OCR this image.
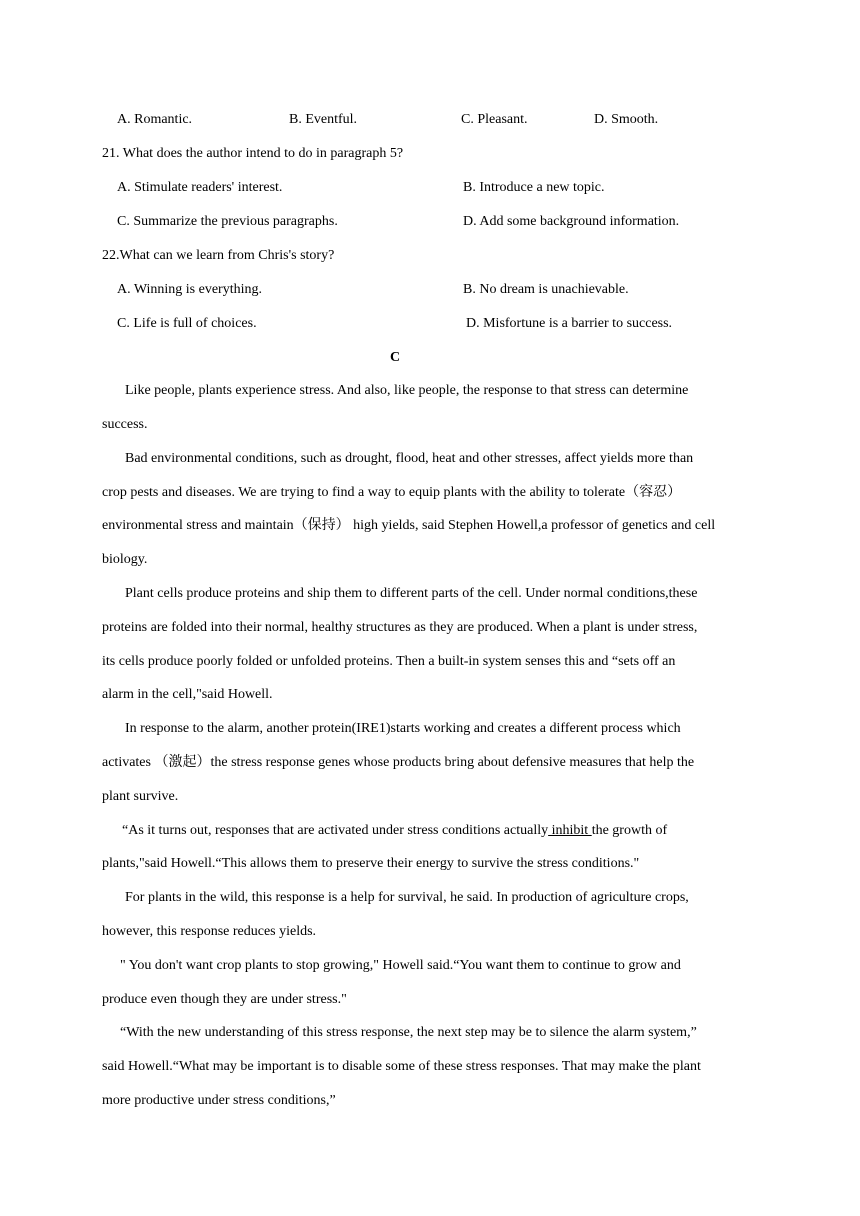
A. Romantic.	B. Eventful.	C. Pleasant.	D. Smooth.
21. What does the author intend to do in paragraph 5?
A. Stimulate readers' interest.	B. Introduce a new topic.
C. Summarize the previous paragraphs.	D. Add some background information.
22.What can we learn from Chris's story?
A. Winning is everything.	B. No dream is unachievable.
C. Life is full of choices.	D. Misfortune is a barrier to success.
C
Like people, plants experience stress. And also, like people, the response to that stress can determine
success.
Bad environmental conditions, such as drought, flood, heat and other stresses, affect yields more than
crop pests and diseases. We are trying to find a way to equip plants with the ability to tolerate（容忍）
environmental stress and maintain（保持） high yields, said Stephen Howell,a professor of genetics and cell
biology.
Plant cells produce proteins and ship them to different parts of the cell. Under normal conditions,these
proteins are folded into their normal, healthy structures as they are produced. When a plant is under stress,
its cells produce poorly folded or unfolded proteins. Then a built-in system senses this and “sets off an
alarm in the cell,"said Howell.
In response to the alarm, another protein(IRE1)starts working and creates a different process which
activates （激起）the stress response genes whose products bring about defensive measures that help the
plant survive.
“As it turns out, responses that are activated under stress conditions actually inhibit the growth of
plants,"said Howell.“This allows them to preserve their energy to survive the stress conditions."
For plants in the wild, this response is a help for survival, he said. In production of agriculture crops,
however, this response reduces yields.
" You don't want crop plants to stop growing," Howell said.“You want them to continue to grow and
produce even though they are under stress."
“With the new understanding of this stress response, the next step may be to silence the alarm system,”
said Howell.“What may be important is to disable some of these stress responses. That may make the plant
more productive under stress conditions,”
